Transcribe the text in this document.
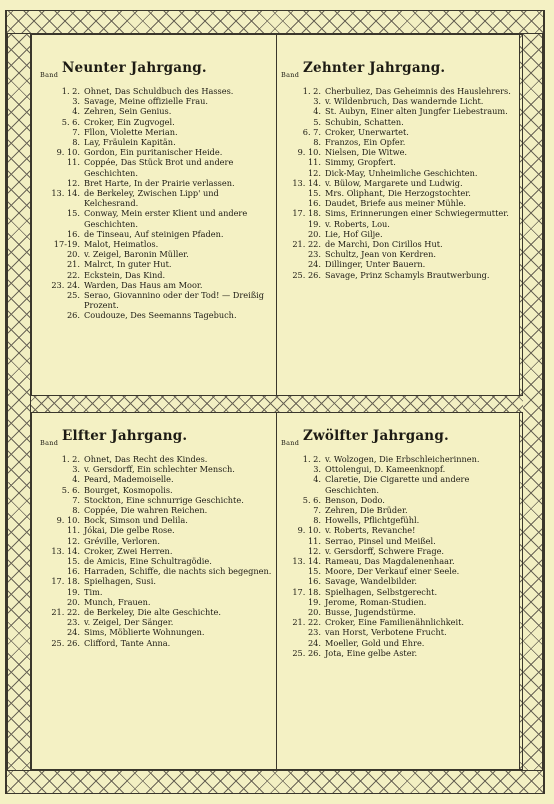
Band Neunter Jahrgang.
1. 2. Ohnet, Das Schuldbuch des Hasses.
3. Savage, Meine offizielle Frau.
4. Zehren, Sein Genius.
5. 6. Croker, Ein Zugvogel.
7. Fllon, Violette Merian.
8. Lay, Fräulein Kapitän.
9. 10. Gordon, Ein puritanischer Heide.
11. Coppée, Das Stück Brot und andere Geschichten.
12. Bret Harte, In der Prairie verlassen.
13. 14. de Berkeley, Zwischen Lipp' und Kelchesrand.
15. Conway, Mein erster Klient und andere Geschichten.
16. de Tinseau, Auf steinigen Pfaden.
17-19. Malot, Heimatlos.
20. v. Zeigel, Baronin Müller.
21. Malrct, In guter Hut.
22. Eckstein, Das Kind.
23. 24. Warden, Das Haus am Moor.
25. Serao, Giovannino oder der Tod! — Dreißig Prozent.
26. Coudouze, Des Seemanns Tagebuch.
Band Zehnter Jahrgang.
1. 2. Cherbuliez, Das Geheimnis des Hauslehrers.
3. v. Wildenbruch, Das wandernde Licht.
4. St. Aubyn, Einer alten Jungfer Liebestraum.
5. Schubin, Schatten.
6. 7. Croker, Unerwartet.
8. Franzos, Ein Opfer.
9. 10. Nielsen, Die Witwe.
11. Simmy, Gropfert.
12. Dick-May, Unheimliche Geschichten.
13. 14. v. Bülow, Margarete und Ludwig.
15. Mrs. Oliphant, Die Herzogstochter.
16. Daudet, Briefe aus meiner Mühle.
17. 18. Sims, Erinnerungen einer Schwiegermutter.
19. v. Roberts, Lou.
20. Lie, Hof Gilje.
21. 22. de Marchi, Don Cirillos Hut.
23. Schultz, Jean von Kerdren.
24. Dillinger, Unter Bauern.
25. 26. Savage, Prinz Schamyls Brautwerbung.
Band Elfter Jahrgang.
1. 2. Ohnet, Das Recht des Kindes.
3. v. Gersdorff, Ein schlechter Mensch.
4. Peard, Mademoiselle.
5. 6. Bourget, Kosmopolis.
7. Stockton, Eine schnurrige Geschichte.
8. Coppée, Die wahren Reichen.
9. 10. Bock, Simson und Delila.
11. Jókai, Die gelbe Rose.
12. Gréville, Verloren.
13. 14. Croker, Zwei Herren.
15. de Amicis, Eine Schultragödie.
16. Harraden, Schiffe, die nachts sich begegnen.
17. 18. Spielhagen, Susi.
19. Tim.
20. Munch, Frauen.
21. 22. de Berkeley, Die alte Geschichte.
23. v. Zeigel, Der Sänger.
24. Sims, Möblierte Wohnungen.
25. 26. Clifford, Tante Anna.
Band Zwölfter Jahrgang.
1. 2. v. Wolzogen, Die Erbschleicherinnen.
3. Ottolengui, D. Kameenknopf.
4. Claretie, Die Cigarette und andere Geschichten.
5. 6. Benson, Dodo.
7. Zehren, Die Brüder.
8. Howells, Pflichtgefühl.
9. 10. v. Roberts, Revanche!
11. Serrao, Pinsel und Meißel.
12. v. Gersdorff, Schwere Frage.
13. 14. Rameau, Das Magdalenenhaar.
15. Moore, Der Verkauf einer Seele.
16. Savage, Wandelbilder.
17. 18. Spielhagen, Selbstgerecht.
19. Jerome, Roman-Studien.
20. Busse, Jugendstürme.
21. 22. Croker, Eine Familienähnlichkeit.
23. van Horst, Verbotene Frucht.
24. Moeller, Gold und Ehre.
25. 26. Jota, Eine gelbe Aster.
